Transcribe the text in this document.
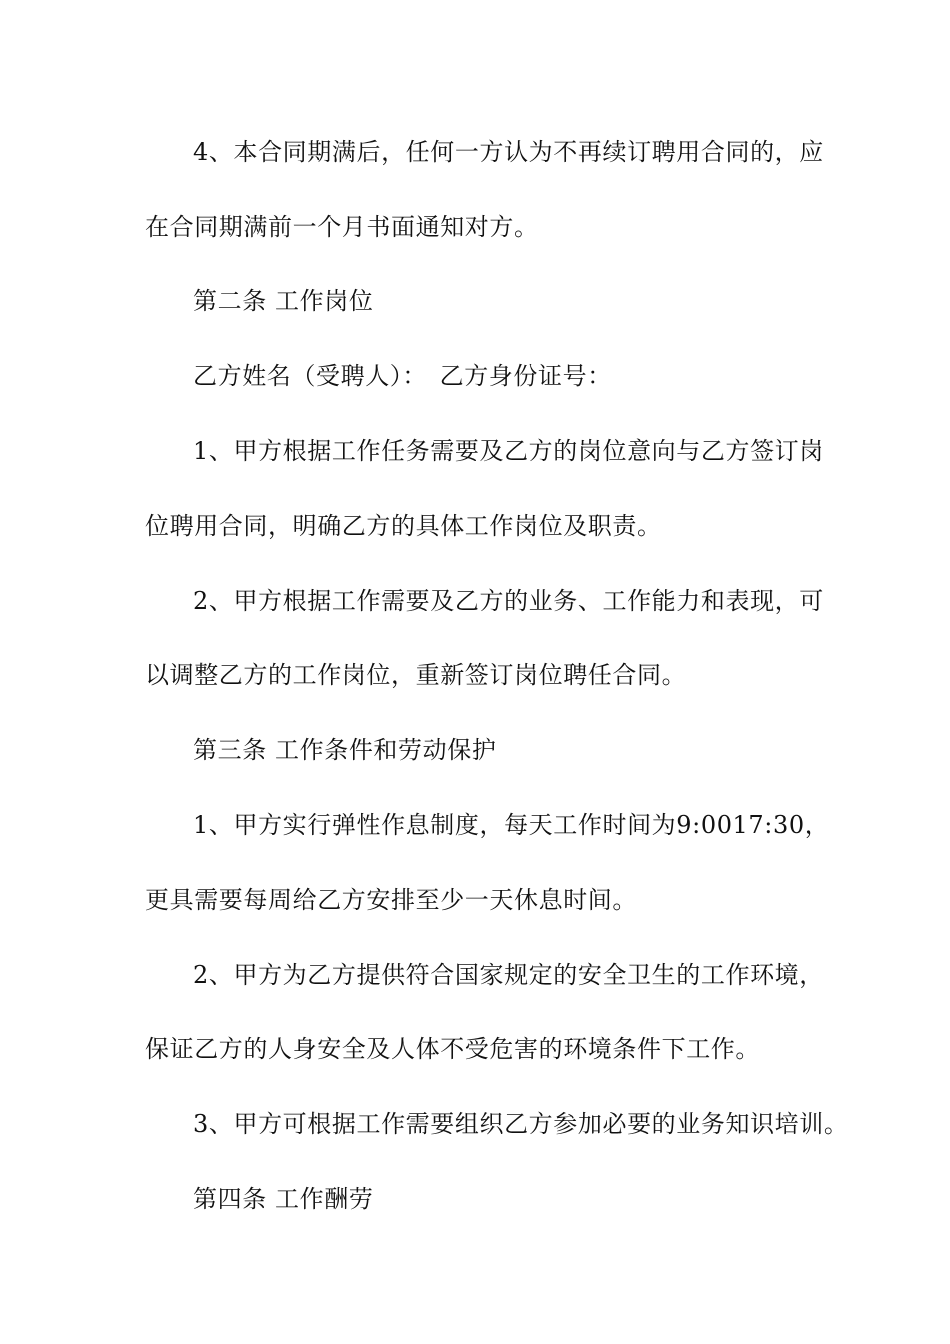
4、本合同期满后，任何一方认为不再续订聘用合同的，应

在合同期满前一个月书面通知对方。

第二条 工作岗位

乙方姓名（受聘人）：　乙方身份证号：

1、甲方根据工作任务需要及乙方的岗位意向与乙方签订岗

位聘用合同，明确乙方的具体工作岗位及职责。

2、甲方根据工作需要及乙方的业务、工作能力和表现，可

以调整乙方的工作岗位，重新签订岗位聘任合同。

第三条 工作条件和劳动保护

1、甲方实行弹性作息制度，每天工作时间为9:0017:30，

更具需要每周给乙方安排至少一天休息时间。

2、甲方为乙方提供符合国家规定的安全卫生的工作环境，

保证乙方的人身安全及人体不受危害的环境条件下工作。

3、甲方可根据工作需要组织乙方参加必要的业务知识培训。

第四条 工作酬劳
